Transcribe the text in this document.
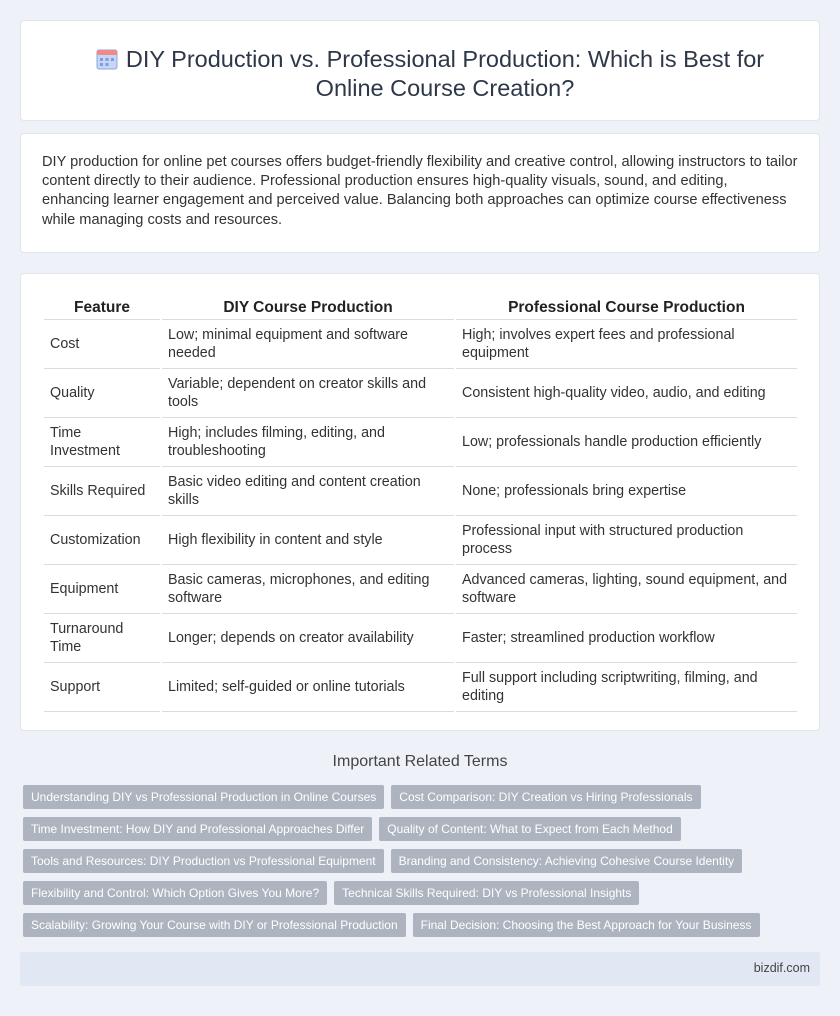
DIY Production vs. Professional Production: Which is Best for Online Course Creation?

DIY production for online pet courses offers budget-friendly flexibility and creative control, allowing instructors to tailor content directly to their audience. Professional production ensures high-quality visuals, sound, and editing, enhancing learner engagement and perceived value. Balancing both approaches can optimize course effectiveness while managing costs and resources.

Feature	DIY Course Production	Professional Course Production
Cost	Low; minimal equipment and software needed	High; involves expert fees and professional equipment
Quality	Variable; dependent on creator skills and tools	Consistent high-quality video, audio, and editing
Time Investment	High; includes filming, editing, and troubleshooting	Low; professionals handle production efficiently
Skills Required	Basic video editing and content creation skills	None; professionals bring expertise
Customization	High flexibility in content and style	Professional input with structured production process
Equipment	Basic cameras, microphones, and editing software	Advanced cameras, lighting, sound equipment, and software
Turnaround Time	Longer; depends on creator availability	Faster; streamlined production workflow
Support	Limited; self-guided or online tutorials	Full support including scriptwriting, filming, and editing
Important Related Terms
Understanding DIY vs Professional Production in Online Courses	Cost Comparison: DIY Creation vs Hiring Professionals
Time Investment: How DIY and Professional Approaches Differ	Quality of Content: What to Expect from Each Method
Tools and Resources: DIY Production vs Professional Equipment	Branding and Consistency: Achieving Cohesive Course Identity
Flexibility and Control: Which Option Gives You More?	Technical Skills Required: DIY vs Professional Insights
Scalability: Growing Your Course with DIY or Professional Production	Final Decision: Choosing the Best Approach for Your Business
bizdif.com
